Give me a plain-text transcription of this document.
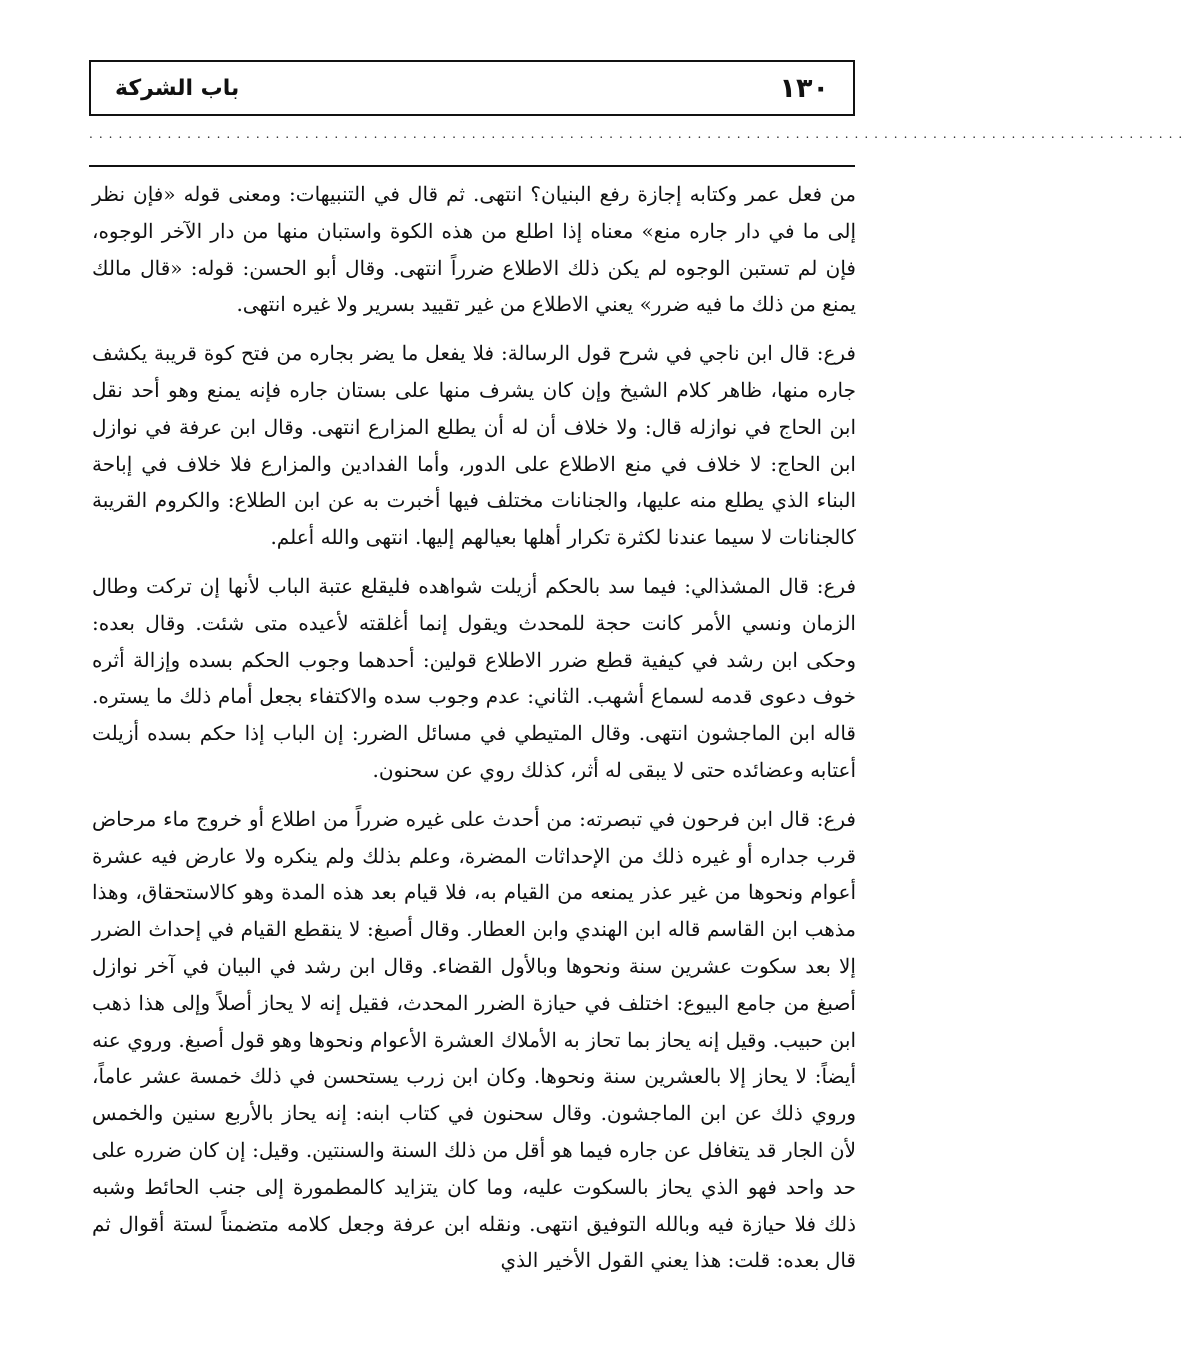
١٣٠
باب الشركة
................................................................................................................

من فعل عمر وكتابه إجازة رفع البنيان؟ انتهى. ثم قال في التنبيهات: ومعنى قوله «فإن نظر إلى ما في دار جاره منع» معناه إذا اطلع من هذه الكوة واستبان منها من دار الآخر الوجوه، فإن لم تستبن الوجوه لم يكن ذلك الاطلاع ضرراً انتهى. وقال أبو الحسن: قوله: «قال مالك يمنع من ذلك ما فيه ضرر» يعني الاطلاع من غير تقييد بسرير ولا غيره انتهى.

فرع: قال ابن ناجي في شرح قول الرسالة: فلا يفعل ما يضر بجاره من فتح كوة قريبة يكشف جاره منها، ظاهر كلام الشيخ وإن كان يشرف منها على بستان جاره فإنه يمنع وهو أحد نقل ابن الحاج في نوازله قال: ولا خلاف أن له أن يطلع المزارع انتهى. وقال ابن عرفة في نوازل ابن الحاج: لا خلاف في منع الاطلاع على الدور، وأما الفدادين والمزارع فلا خلاف في إباحة البناء الذي يطلع منه عليها، والجنانات مختلف فيها أخبرت به عن ابن الطلاع: والكروم القريبة كالجنانات لا سيما عندنا لكثرة تكرار أهلها بعيالهم إليها. انتهى والله أعلم.

فرع: قال المشذالي: فيما سد بالحكم أزيلت شواهده فليقلع عتبة الباب لأنها إن تركت وطال الزمان ونسي الأمر كانت حجة للمحدث ويقول إنما أغلقته لأعيده متى شئت. وقال بعده: وحكى ابن رشد في كيفية قطع ضرر الاطلاع قولين: أحدهما وجوب الحكم بسده وإزالة أثره خوف دعوى قدمه لسماع أشهب. الثاني: عدم وجوب سده والاكتفاء بجعل أمام ذلك ما يستره. قاله ابن الماجشون انتهى. وقال المتيطي في مسائل الضرر: إن الباب إذا حكم بسده أزيلت أعتابه وعضائده حتى لا يبقى له أثر، كذلك روي عن سحنون.

فرع: قال ابن فرحون في تبصرته: من أحدث على غيره ضرراً من اطلاع أو خروج ماء مرحاض قرب جداره أو غيره ذلك من الإحداثات المضرة، وعلم بذلك ولم ينكره ولا عارض فيه عشرة أعوام ونحوها من غير عذر يمنعه من القيام به، فلا قيام بعد هذه المدة وهو كالاستحقاق، وهذا مذهب ابن القاسم قاله ابن الهندي وابن العطار. وقال أصبغ: لا ينقطع القيام في إحداث الضرر إلا بعد سكوت عشرين سنة ونحوها وبالأول القضاء. وقال ابن رشد في البيان في آخر نوازل أصبغ من جامع البيوع: اختلف في حيازة الضرر المحدث، فقيل إنه لا يحاز أصلاً وإلى هذا ذهب ابن حبيب. وقيل إنه يحاز بما تحاز به الأملاك العشرة الأعوام ونحوها وهو قول أصبغ. وروي عنه أيضاً: لا يحاز إلا بالعشرين سنة ونحوها. وكان ابن زرب يستحسن في ذلك خمسة عشر عاماً، وروي ذلك عن ابن الماجشون. وقال سحنون في كتاب ابنه: إنه يحاز بالأربع سنين والخمس لأن الجار قد يتغافل عن جاره فيما هو أقل من ذلك السنة والسنتين. وقيل: إن كان ضرره على حد واحد فهو الذي يحاز بالسكوت عليه، وما كان يتزايد كالمطمورة إلى جنب الحائط وشبه ذلك فلا حيازة فيه وبالله التوفيق انتهى. ونقله ابن عرفة وجعل كلامه متضمناً لستة أقوال ثم قال بعده: قلت: هذا يعني القول الأخير الذي
